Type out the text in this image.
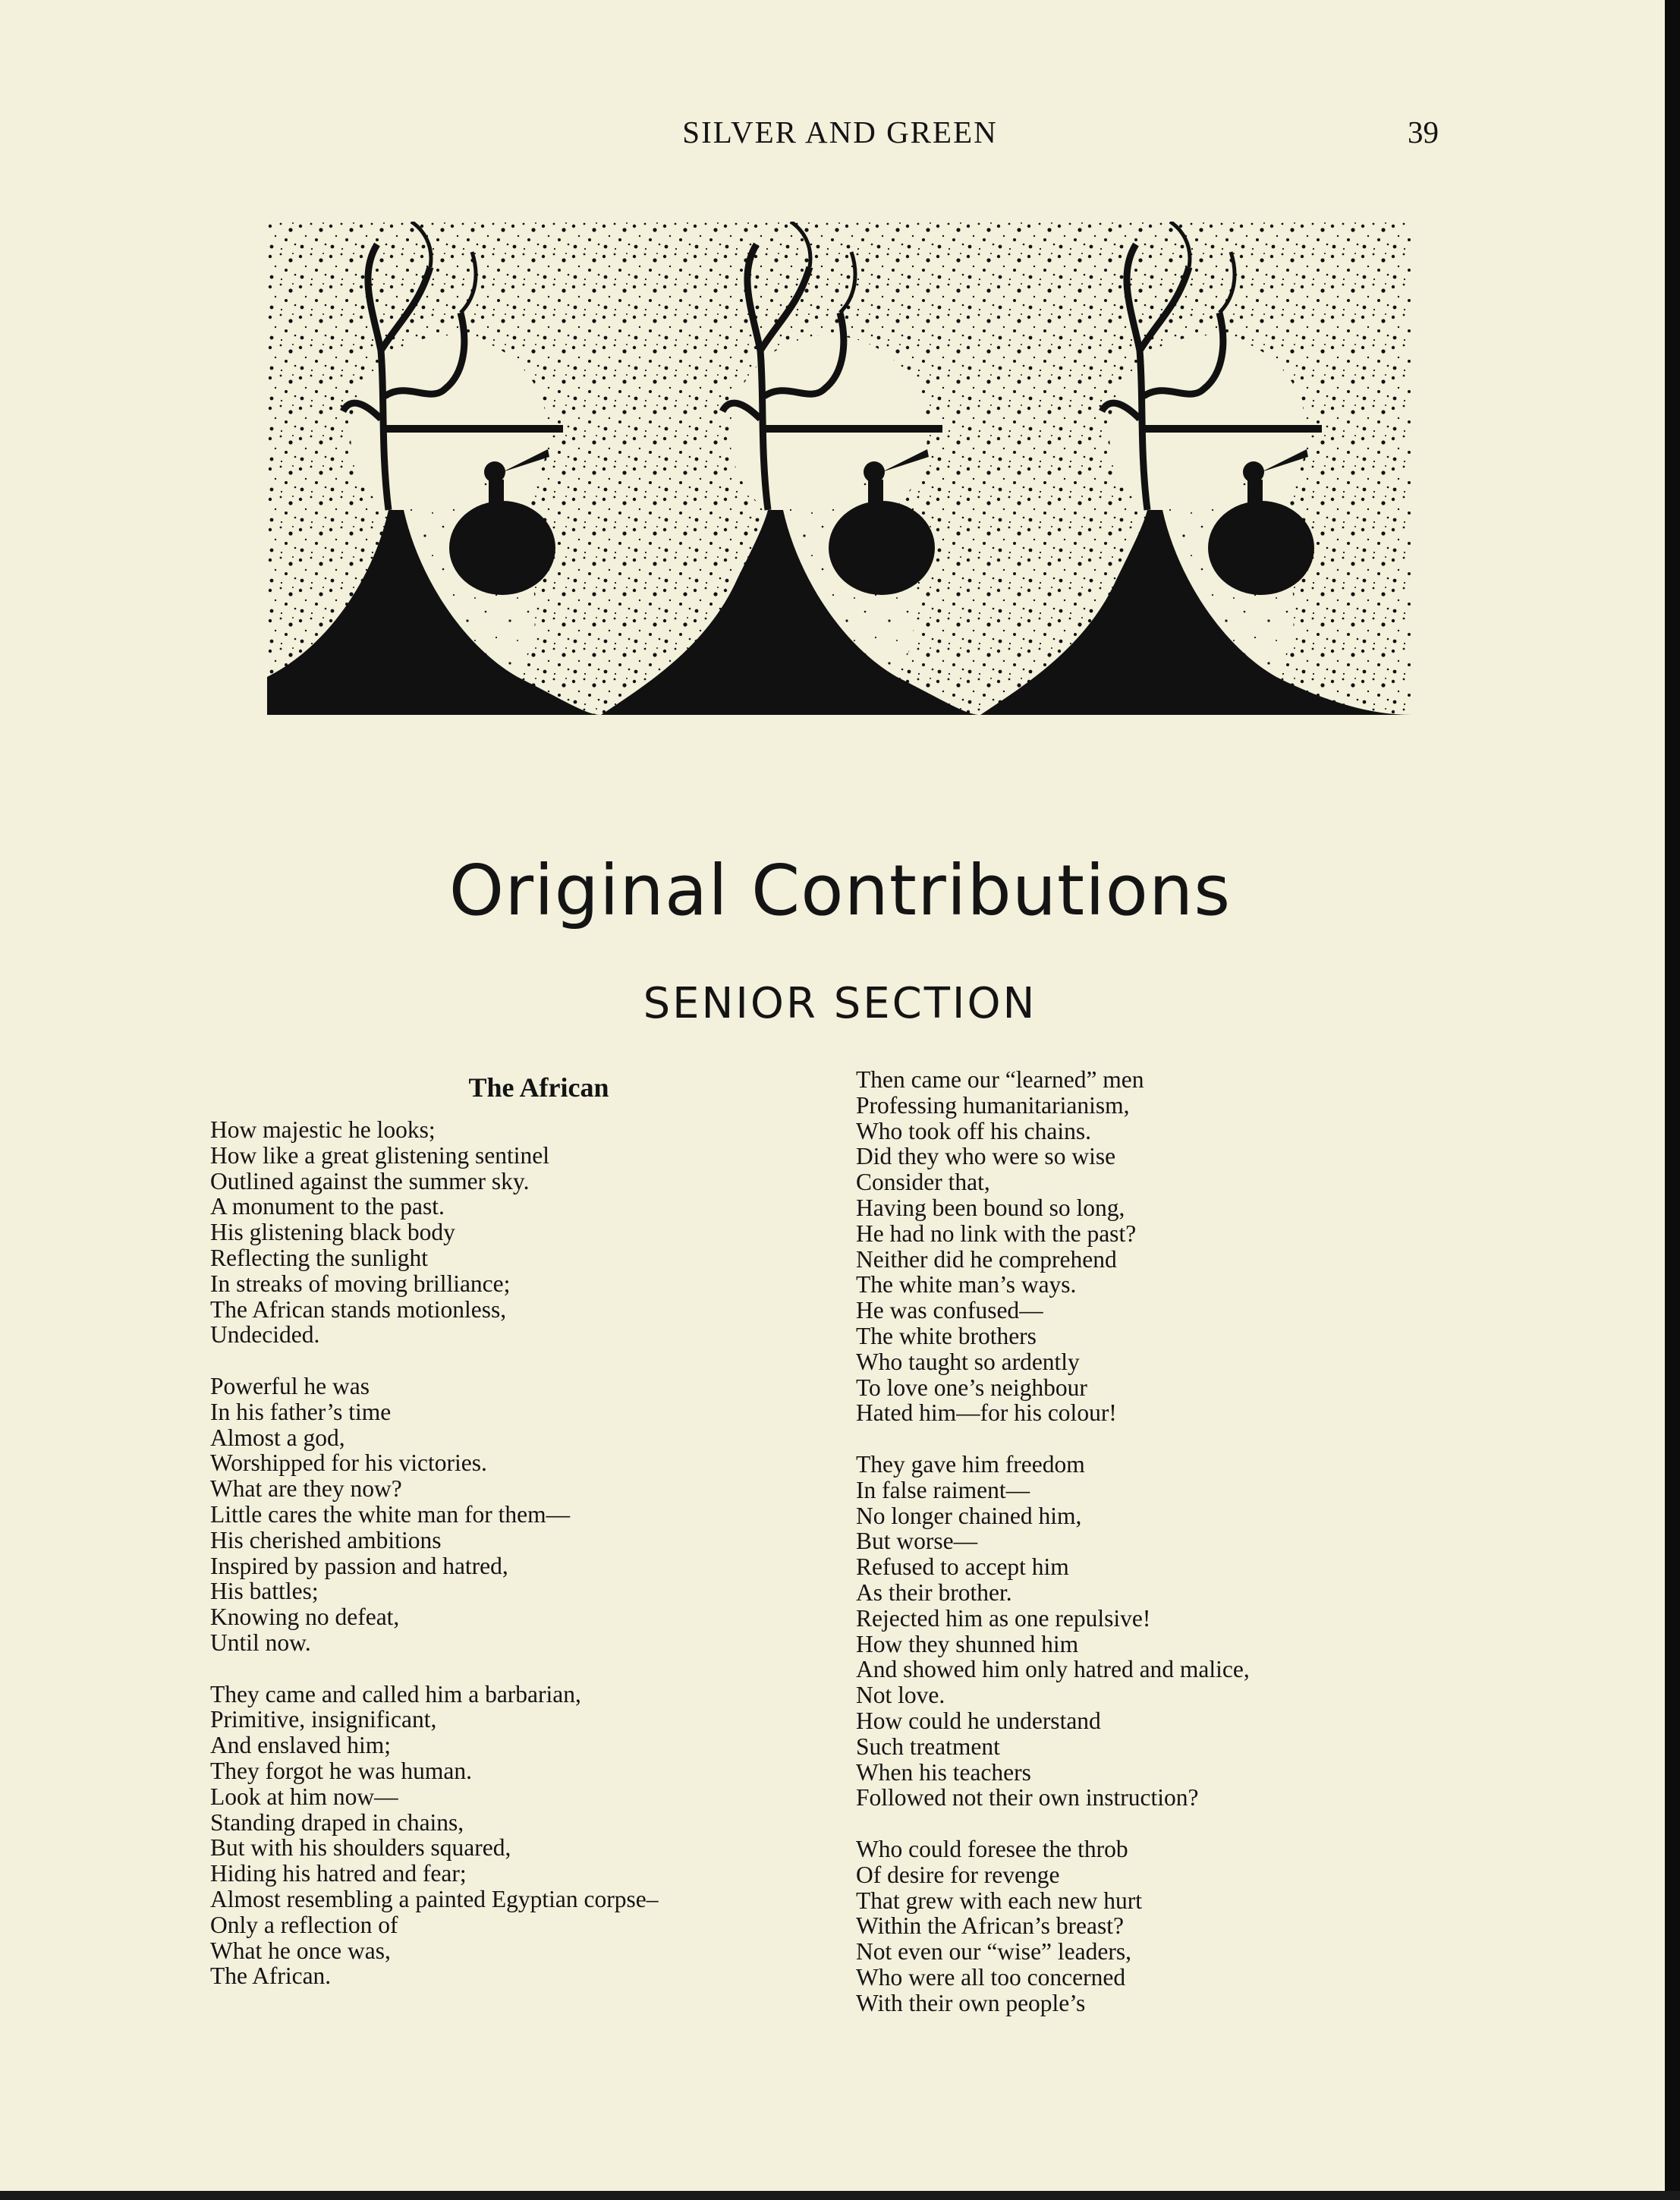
SILVER AND GREEN	39
Original Contributions
SENIOR SECTION
The African
How majestic he looks;
How like a great glistening sentinel
Outlined against the summer sky.
A monument to the past.
His glistening black body
Reflecting the sunlight
In streaks of moving brilliance;
The African stands motionless,
Undecided.
Powerful he was
In his father’s time
Almost a god,
Worshipped for his victories.
What are they now?
Little cares the white man for them—
His cherished ambitions
Inspired by passion and hatred,
His battles;
Knowing no defeat,
Until now.
They came and called him a barbarian,
Primitive, insignificant,
And enslaved him;
They forgot he was human.
Look at him now—
Standing draped in chains,
But with his shoulders squared,
Hiding his hatred and fear;
Almost resembling a painted Egyptian corpse–
Only a reflection of
What he once was,
The African.
Then came our “learned” men
Professing humanitarianism,
Who took off his chains.
Did they who were so wise
Consider that,
Having been bound so long,
He had no link with the past?
Neither did he comprehend
The white man’s ways.
He was confused—
The white brothers
Who taught so ardently
To love one’s neighbour
Hated him—for his colour!
They gave him freedom
In false raiment—
No longer chained him,
But worse—
Refused to accept him
As their brother.
Rejected him as one repulsive!
How they shunned him
And showed him only hatred and malice,
Not love.
How could he understand
Such treatment
When his teachers
Followed not their own instruction?
Who could foresee the throb
Of desire for revenge
That grew with each new hurt
Within the African’s breast?
Not even our “wise” leaders,
Who were all too concerned
With their own people’s
